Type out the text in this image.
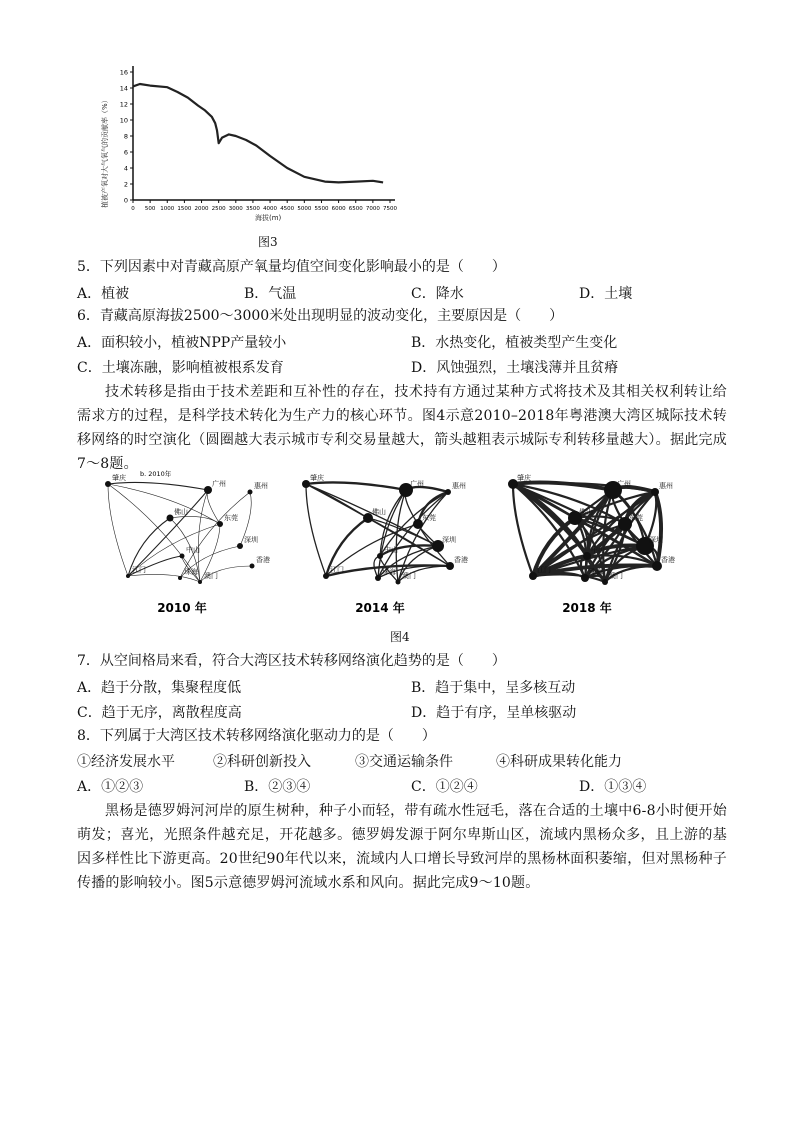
植被产氧对大气氧气的贡献率（%） 0
2
4
6
8
10
12
14
16
0 500 1000 1500 2000 2500 3000 3500 4000 4500 5000 5500 6000 6500 7000 7500
海拔(m)
图3
5．下列因素中对青藏高原产氧量均值空间变化影响最小的是（　　）
A．植被	B．气温	C．降水	D．土壤
6．青藏高原海拔2500～3000米处出现明显的波动变化，主要原因是（　　）
A．面积较小，植被NPP产量较小	B．水热变化，植被类型产生变化
C．土壤冻融，影响植被根系发育	D．风蚀强烈，土壤浅薄并且贫瘠
技术转移是指由于技术差距和互补性的存在，技术持有方通过某种方式将技术及其相关权利转让给需求方的过程，是科学技术转化为生产力的核心环节。图4示意2010–2018年粤港澳大湾区城际技术转移网络的时空演化（圆圈越大表示城市专利交易量越大，箭头越粗表示城际专利转移量越大）。据此完成7～8题。
肇庆
广州	惠州
佛山
东莞
深圳
中山
江门	珠海
香港
澳门
b. 2010年
2010 年
肇庆
广州	惠州
佛山
东莞
深圳
中山
江门	珠海
香港
澳门
2014 年
肇庆
广州	惠州
佛山
东莞
深圳
中山
江门	珠海
香港
澳门
2018 年
图4
7．从空间格局来看，符合大湾区技术转移网络演化趋势的是（　　）
A．趋于分散，集聚程度低	B．趋于集中，呈多核互动
C．趋于无序，离散程度高	D．趋于有序，呈单核驱动
8．下列属于大湾区技术转移网络演化驱动力的是（　　）
①经济发展水平	②科研创新投入	③交通运输条件	④科研成果转化能力
A．①②③	B．②③④	C．①②④	D．①③④
黑杨是德罗姆河河岸的原生树种，种子小而轻，带有疏水性冠毛，落在合适的土壤中6-8小时便开始萌发；喜光，光照条件越充足，开花越多。德罗姆发源于阿尔卑斯山区，流域内黑杨众多，且上游的基因多样性比下游更高。20世纪90年代以来，流域内人口增长导致河岸的黑杨林面积萎缩，但对黑杨种子传播的影响较小。图5示意德罗姆河流域水系和风向。据此完成9～10题。
